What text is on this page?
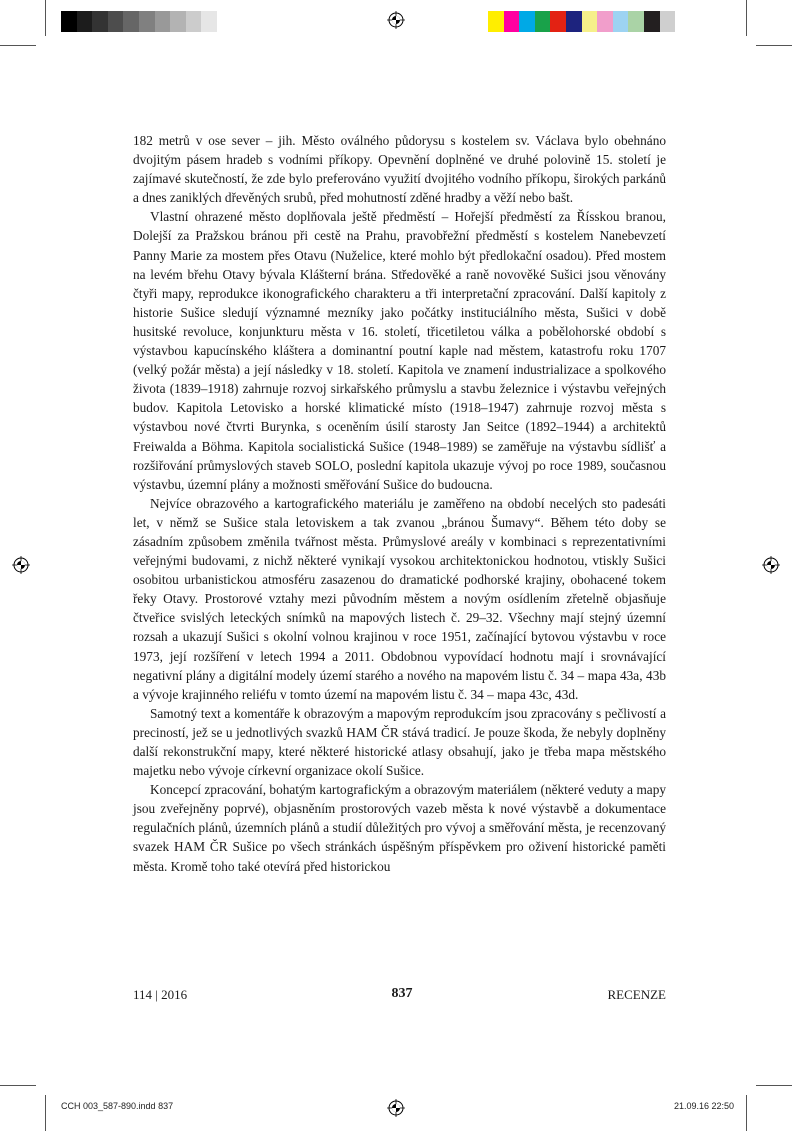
182 metrů v ose sever – jih. Město oválného půdorysu s kostelem sv. Václava bylo obehnáno dvojitým pásem hradeb s vodními příkopy. Opevnění doplněné ve druhé polovině 15. století je zajímavé skutečností, že zde bylo preferováno využití dvojitého vodního příkopu, širokých parkánů a dnes zaniklých dřevěných srubů, před mohutností zděné hradby a věží nebo bašt.

Vlastní ohrazené město doplňovala ještě předměstí – Hořejší předměstí za Řísskou branou, Dolejší za Pražskou bránou při cestě na Prahu, pravobřežní předměstí s kostelem Nanebevzetí Panny Marie za mostem přes Otavu (Nuželice, které mohlo být předlokační osadou). Před mostem na levém břehu Otavy bývala Klášterní brána. Středověké a raně novověké Sušici jsou věnovány čtyři mapy, reprodukce ikonografického charakteru a tři interpretační zpracování. Další kapitoly z historie Sušice sledují významné mezníky jako počátky instituciálního města, Sušici v době husitské revoluce, konjunkturu města v 16. století, třicetiletou válka a pobělohorské období s výstavbou kapucínského kláštera a dominantní poutní kaple nad městem, katastrofu roku 1707 (velký požár města) a její následky v 18. století. Kapitola ve znamení industrializace a spolkového života (1839–1918) zahrnuje rozvoj sirkařského průmyslu a stavbu železnice i výstavbu veřejných budov. Kapitola Letovisko a horské klimatické místo (1918–1947) zahrnuje rozvoj města s výstavbou nové čtvrti Burynka, s oceněním úsilí starosty Jan Seitce (1892–1944) a architektů Freiwalda a Böhma. Kapitola socialistická Sušice (1948–1989) se zaměřuje na výstavbu sídlišť a rozšiřování průmyslových staveb SOLO, poslední kapitola ukazuje vývoj po roce 1989, současnou výstavbu, územní plány a možnosti směřování Sušice do budoucna.

Nejvíce obrazového a kartografického materiálu je zaměřeno na období necelých sto padesáti let, v němž se Sušice stala letoviskem a tak zvanou „bránou Šumavy“. Během této doby se zásadním způsobem změnila tvářnost města. Průmyslové areály v kombinaci s reprezentativními veřejnými budovami, z nichž některé vynikají vysokou architektonickou hodnotou, vtiskly Sušici osobitou urbanistickou atmosféru zasazenou do dramatické podhorské krajiny, obohacené tokem řeky Otavy. Prostorové vztahy mezi původním městem a novým osídlením zřetelně objasňuje čtveřice svislých leteckých snímků na mapových listech č. 29–32. Všechny mají stejný územní rozsah a ukazují Sušici s okolní volnou krajinou v roce 1951, začínající bytovou výstavbu v roce 1973, její rozšíření v letech 1994 a 2011. Obdobnou vypovídací hodnotu mají i srovnávající negativní plány a digitální modely území starého a nového na mapovém listu č. 34 – mapa 43a, 43b a vývoje krajinného reliéfu v tomto území na mapovém listu č. 34 – mapa 43c, 43d.

Samotný text a komentáře k obrazovým a mapovým reprodukcím jsou zpracovány s pečlivostí a preciností, jež se u jednotlivých svazků HAM ČR stává tradicí. Je pouze škoda, že nebyly doplněny další rekonstrukční mapy, které některé historické atlasy obsahují, jako je třeba mapa městského majetku nebo vývoje církevní organizace okolí Sušice.

Koncepcí zpracování, bohatým kartografickým a obrazovým materiálem (některé veduty a mapy jsou zveřejněny poprvé), objasněním prostorových vazeb města k nové výstavbě a dokumentace regulačních plánů, územních plánů a studií důležitých pro vývoj a směřování města, je recenzovaný svazek HAM ČR Sušice po všech stránkách úspěšným příspěvkem pro oživení historické paměti města. Kromě toho také otevírá před historickou

114 | 2016	837	RECENZE
CCH 003_587-890.indd 837	21.09.16 22:50
